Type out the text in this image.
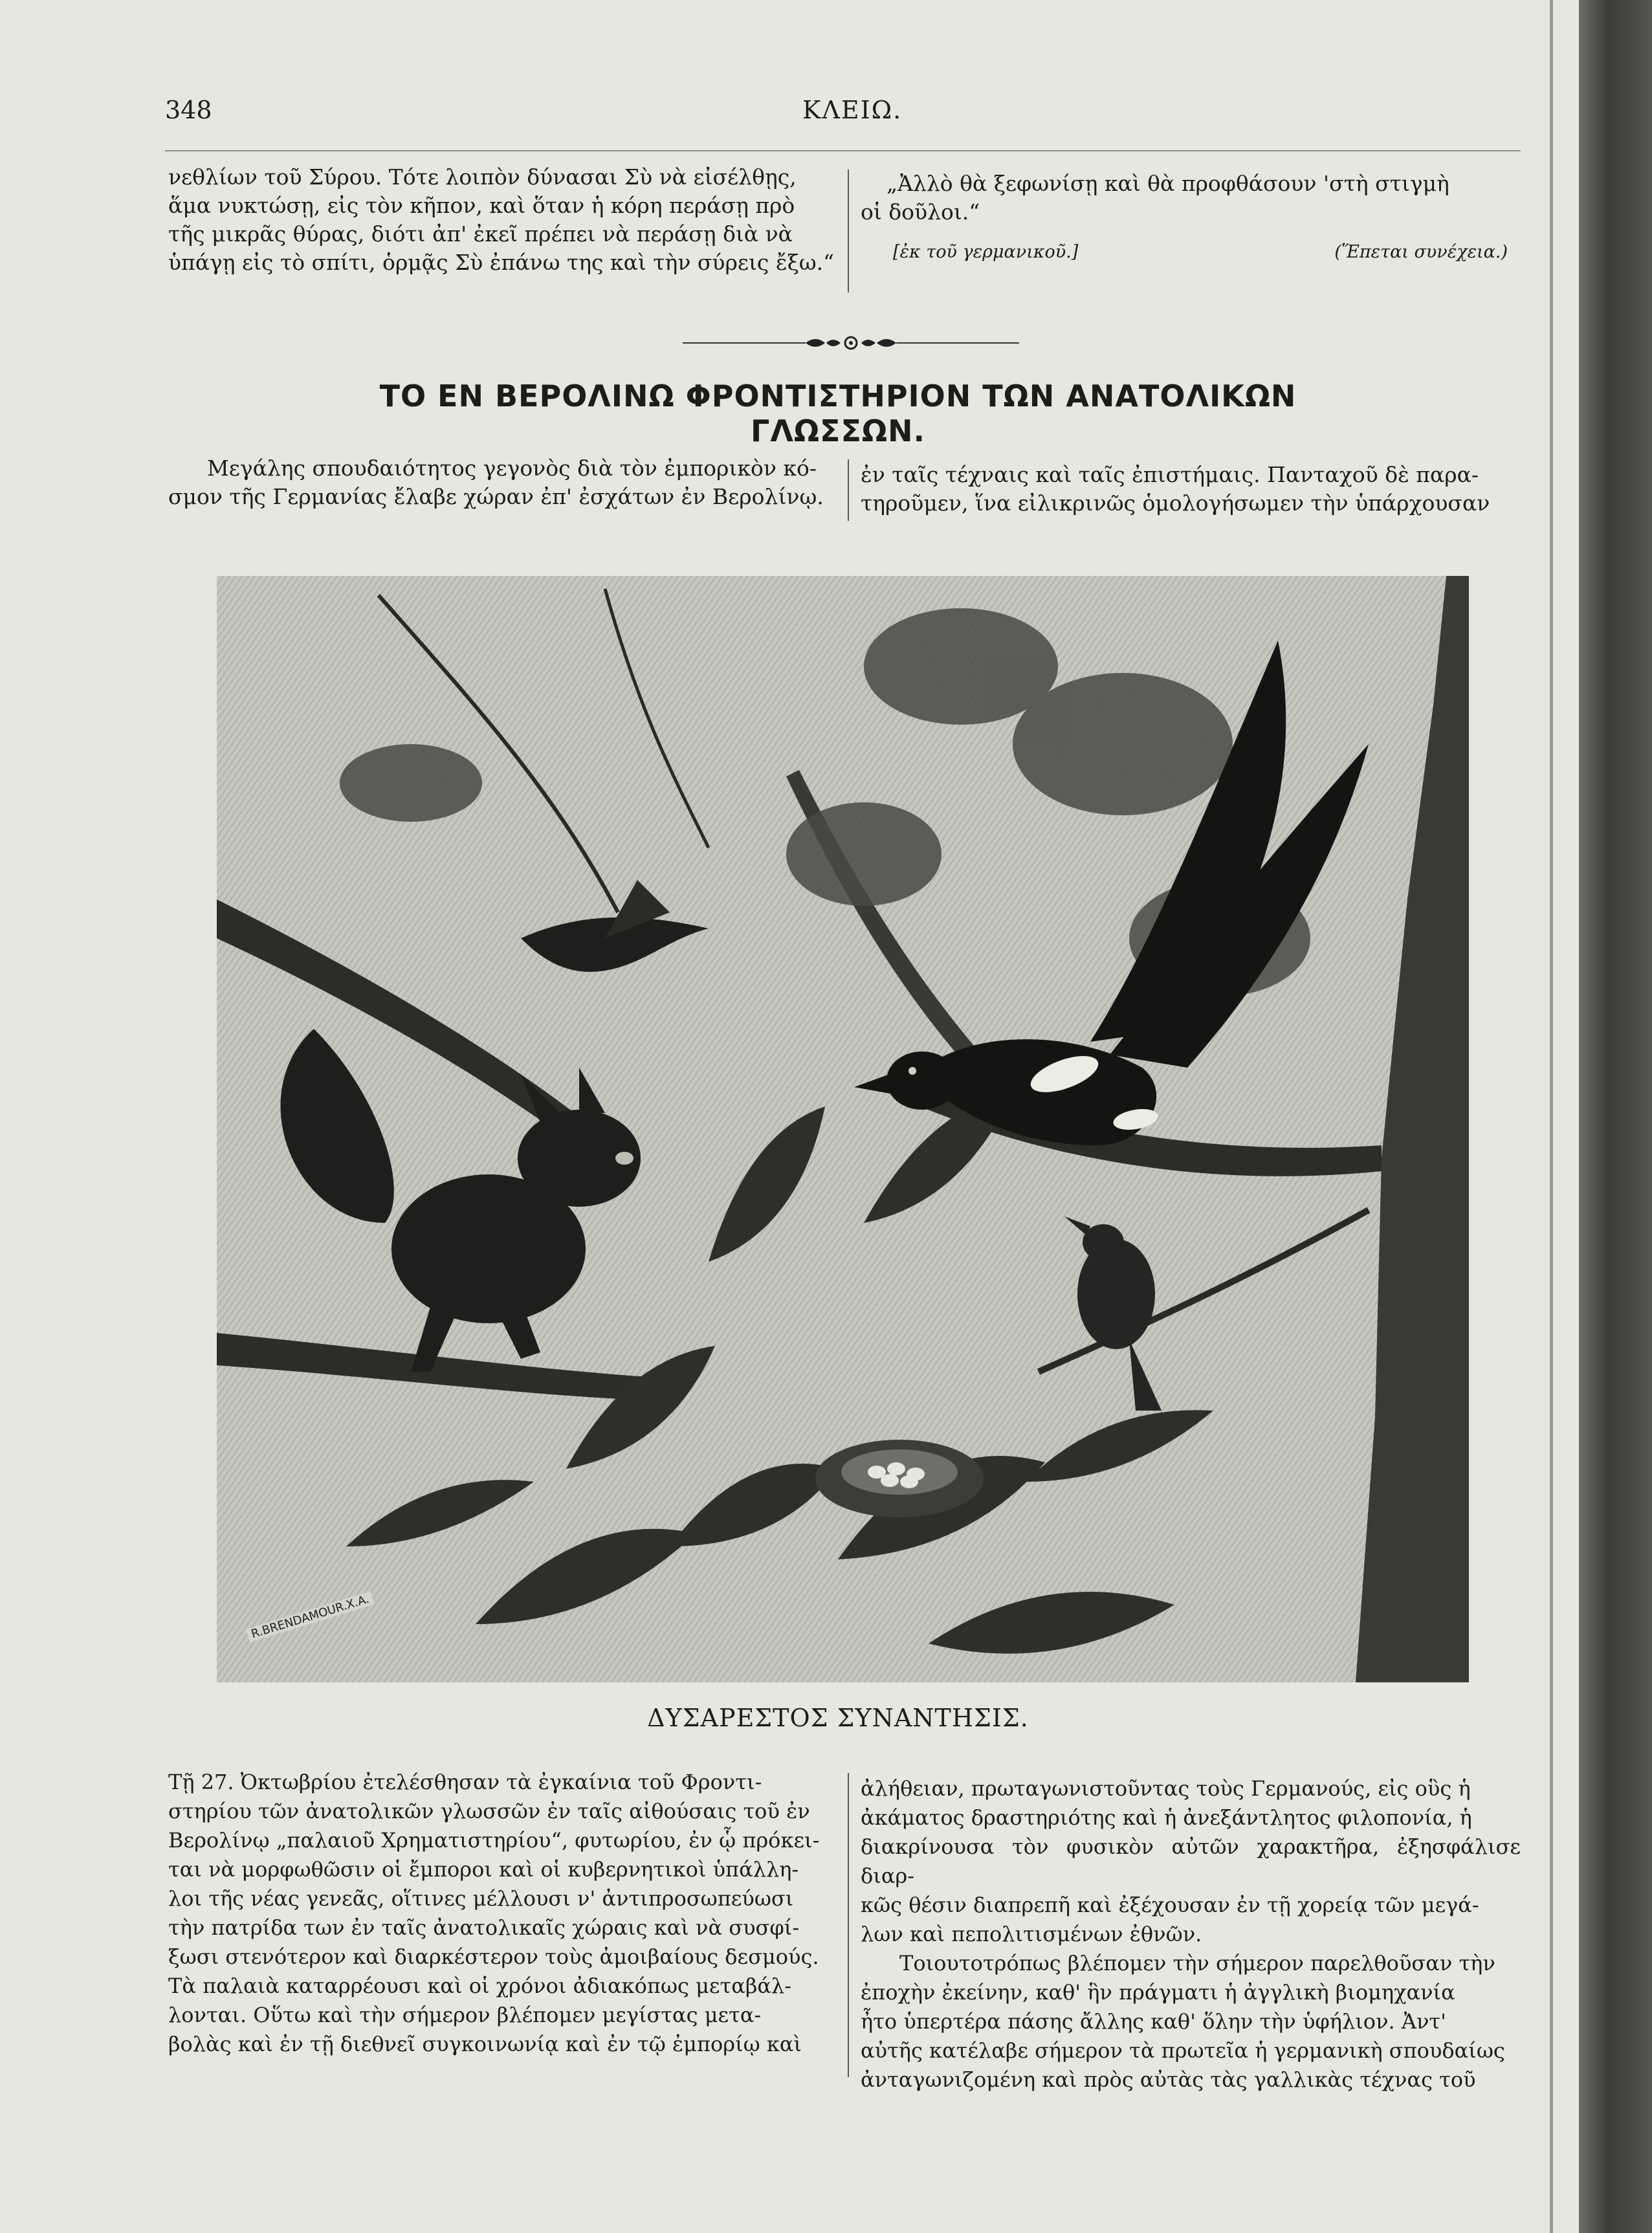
348	ΚΛΕΙΩ.

νεθλίων τοῦ Σύρου. Τότε λοιπὸν δύνασαι Σὺ νὰ εἰσέλθῃς,

ἅμα νυκτώσῃ, εἰς τὸν κῆπον, καὶ ὅταν ἡ κόρη περάσῃ πρὸ

τῆς μικρᾶς θύρας, διότι ἀπ' ἐκεῖ πρέπει νὰ περάσῃ διὰ νὰ

ὑπάγῃ εἰς τὸ σπίτι, ὁρμᾷς Σὺ ἐπάνω της καὶ τὴν σύρεις ἔξω.“

„Ἀλλὸ θὰ ξεφωνίσῃ καὶ θὰ προφθάσουν 'στὴ στιγμὴ

οἱ δοῦλοι.“

[ἐκ τοῦ γερμανικοῦ.]	(Ἕπεται συνέχεια.)
ΤΟ ΕΝ ΒΕΡΟΛΙΝΩ ΦΡΟΝΤΙΣΤΗΡΙΟΝ ΤΩΝ ΑΝΑΤΟΛΙΚΩΝ ΓΛΩΣΣΩΝ.

Μεγάλης σπουδαιότητος γεγονὸς διὰ τὸν ἐμπορικὸν κό-

σμον τῆς Γερμανίας ἔλαβε χώραν ἐπ' ἐσχάτων ἐν Βερολίνῳ.

ἐν ταῖς τέχναις καὶ ταῖς ἐπιστήμαις. Πανταχοῦ δὲ παρα-

τηροῦμεν, ἵνα εἰλικρινῶς ὁμολογήσωμεν τὴν ὑπάρχουσαν

R.BRENDAMOUR.X.A.
ΔΥΣΑΡΕΣΤΟΣ ΣΥΝΑΝΤΗΣΙΣ.

Τῇ 27. Ὀκτωβρίου ἐτελέσθησαν τὰ ἐγκαίνια τοῦ Φροντι-

στηρίου τῶν ἀνατολικῶν γλωσσῶν ἐν ταῖς αἰθούσαις τοῦ ἐν

Βερολίνῳ „παλαιοῦ Χρηματιστηρίου“, φυτωρίου, ἐν ᾧ πρόκει-

ται νὰ μορφωθῶσιν οἱ ἔμποροι καὶ οἱ κυβερνητικοὶ ὑπάλλη-

λοι τῆς νέας γενεᾶς, οἵτινες μέλλουσι ν' ἀντιπροσωπεύωσι

τὴν πατρίδα των ἐν ταῖς ἀνατολικαῖς χώραις καὶ νὰ συσφί-

ξωσι στενότερον καὶ διαρκέστερον τοὺς ἀμοιβαίους δεσμούς.

Τὰ παλαιὰ καταρρέουσι καὶ οἱ χρόνοι ἀδιακόπως μεταβάλ-

λονται. Οὕτω καὶ τὴν σήμερον βλέπομεν μεγίστας μετα-

βολὰς καὶ ἐν τῇ διεθνεῖ συγκοινωνίᾳ καὶ ἐν τῷ ἐμπορίῳ καὶ

ἀλήθειαν, πρωταγωνιστοῦντας τοὺς Γερμανούς, εἰς οὓς ἡ

ἀκάματος δραστηριότης καὶ ἡ ἀνεξάντλητος φιλοπονία, ἡ

διακρίνουσα τὸν φυσικὸν αὐτῶν χαρακτῆρα, ἐξησφάλισε διαρ-

κῶς θέσιν διαπρεπῆ καὶ ἐξέχουσαν ἐν τῇ χορείᾳ τῶν μεγά-

λων καὶ πεπολιτισμένων ἐθνῶν.

Τοιουτοτρόπως βλέπομεν τὴν σήμερον παρελθοῦσαν τὴν

ἐποχὴν ἐκείνην, καθ' ἣν πράγματι ἡ ἀγγλικὴ βιομηχανία

ἦτο ὑπερτέρα πάσης ἄλλης καθ' ὅλην τὴν ὑφήλιον. Ἀντ'

αὐτῆς κατέλαβε σήμερον τὰ πρωτεῖα ἡ γερμανικὴ σπουδαίως

ἀνταγωνιζομένη καὶ πρὸς αὐτὰς τὰς γαλλικὰς τέχνας τοῦ
